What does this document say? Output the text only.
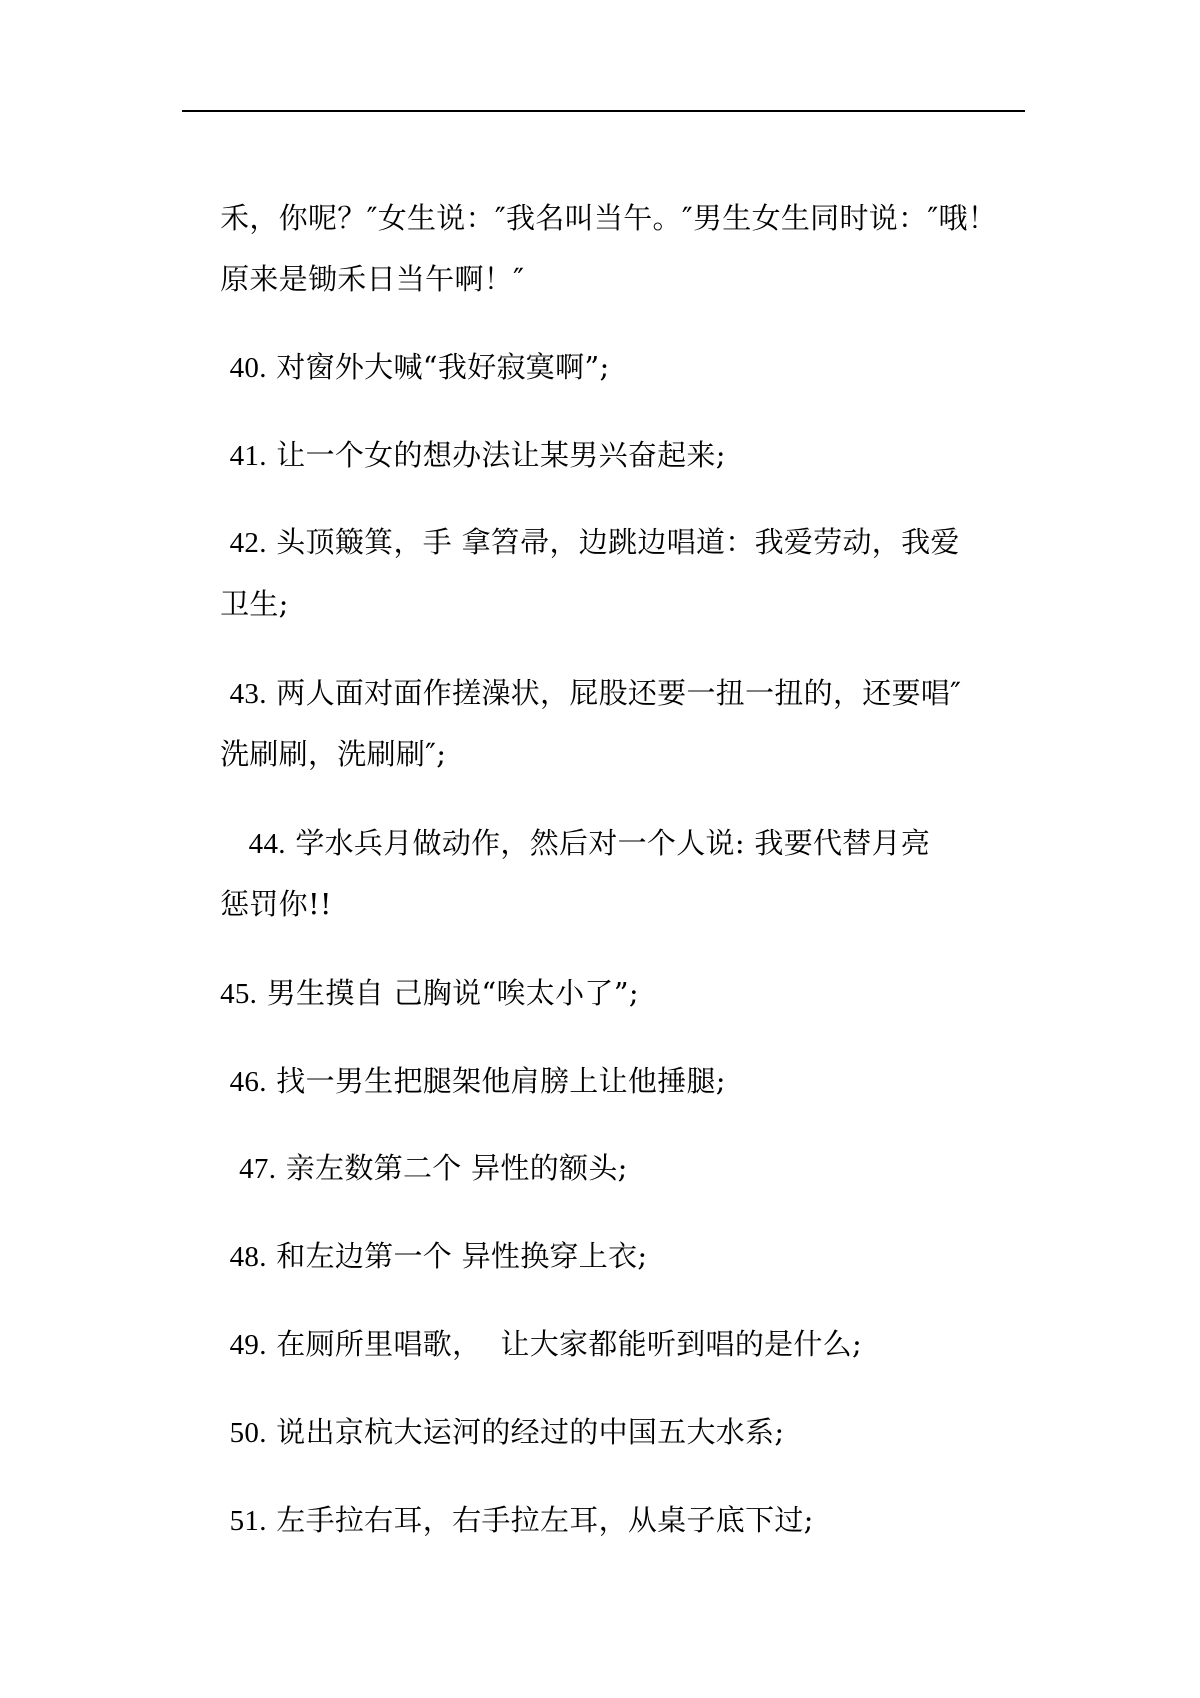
禾，你呢？″女生说：″我名叫当午。″男生女生同时说：″哦！

原来是锄禾日当午啊！″

40. 对窗外大喊“我好寂寞啊”;

41. 让一个女的想办法让某男兴奋起来;

42. 头顶簸箕，手 拿笤帚，边跳边唱道：我爱劳动，我爱

卫生;

43. 两人面对面作搓澡状，屁股还要一扭一扭的，还要唱″

洗刷刷，洗刷刷″;

44. 学水兵月做动作，然后对一个人说: 我要代替月亮

惩罚你!!

45. 男生摸自 己胸说“唉太小了”;

46. 找一男生把腿架他肩膀上让他捶腿;

47. 亲左数第二个 异性的额头;

48. 和左边第一个 异性换穿上衣;

49. 在厕所里唱歌，  让大家都能听到唱的是什么;

50. 说出京杭大运河的经过的中国五大水系;

51. 左手拉右耳，右手拉左耳，从桌子底下过;
